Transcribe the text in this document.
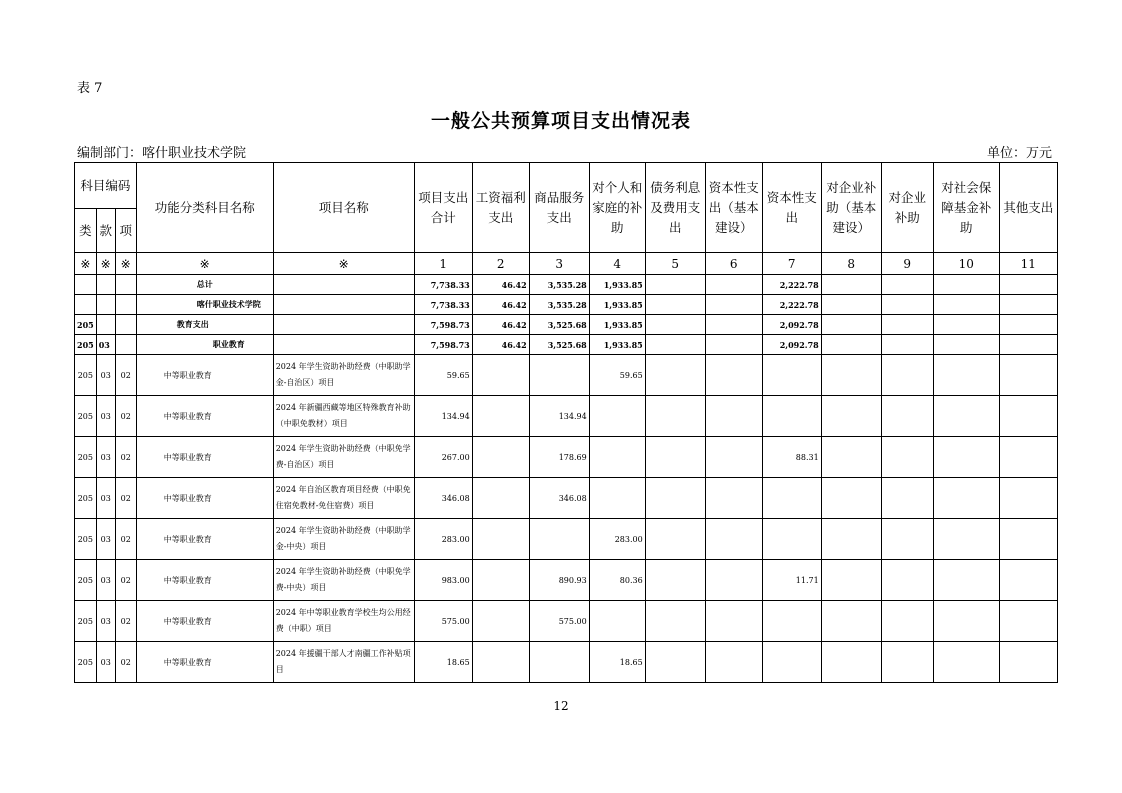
表 7
一般公共预算项目支出情况表
编制部门：喀什职业技术学院	单位：万元
科目编码			功能分类科目名称	项目名称	项目支出合计	工资福利支出	商品服务支出	对个人和家庭的补助	债务利息及费用支出	资本性支出（基本建设）	资本性支出	对企业补助（基本建设）	对企业补助	对社会保障基金补助	其他支出
类	款	项													
※	※	※	※	※	1	2	3	4	5	6	7	8	9	10	11
			总计		7,738.33	46.42	3,535.28	1,933.85			2,222.78				
			喀什职业技术学院		7,738.33	46.42	3,535.28	1,933.85			2,222.78				
205			教育支出		7,598.73	46.42	3,525.68	1,933.85			2,092.78				
205	03		职业教育		7,598.73	46.42	3,525.68	1,933.85			2,092.78				
205	03	02	中等职业教育	2024 年学生资助补助经费（中职助学金-自治区）项目	59.65			59.65							
205	03	02	中等职业教育	2024 年新疆西藏等地区特殊教育补助（中职免教材）项目	134.94		134.94								
205	03	02	中等职业教育	2024 年学生资助补助经费（中职免学费-自治区）项目	267.00		178.69				88.31				
205	03	02	中等职业教育	2024 年自治区教育项目经费（中职免住宿免教材-免住宿费）项目	346.08		346.08								
205	03	02	中等职业教育	2024 年学生资助补助经费（中职助学金-中央）项目	283.00			283.00							
205	03	02	中等职业教育	2024 年学生资助补助经费（中职免学费-中央）项目	983.00		890.93	80.36			11.71				
205	03	02	中等职业教育	2024 年中等职业教育学校生均公用经费（中职）项目	575.00		575.00								
205	03	02	中等职业教育	2024 年援疆干部人才南疆工作补贴项目	18.65			18.65							
12
